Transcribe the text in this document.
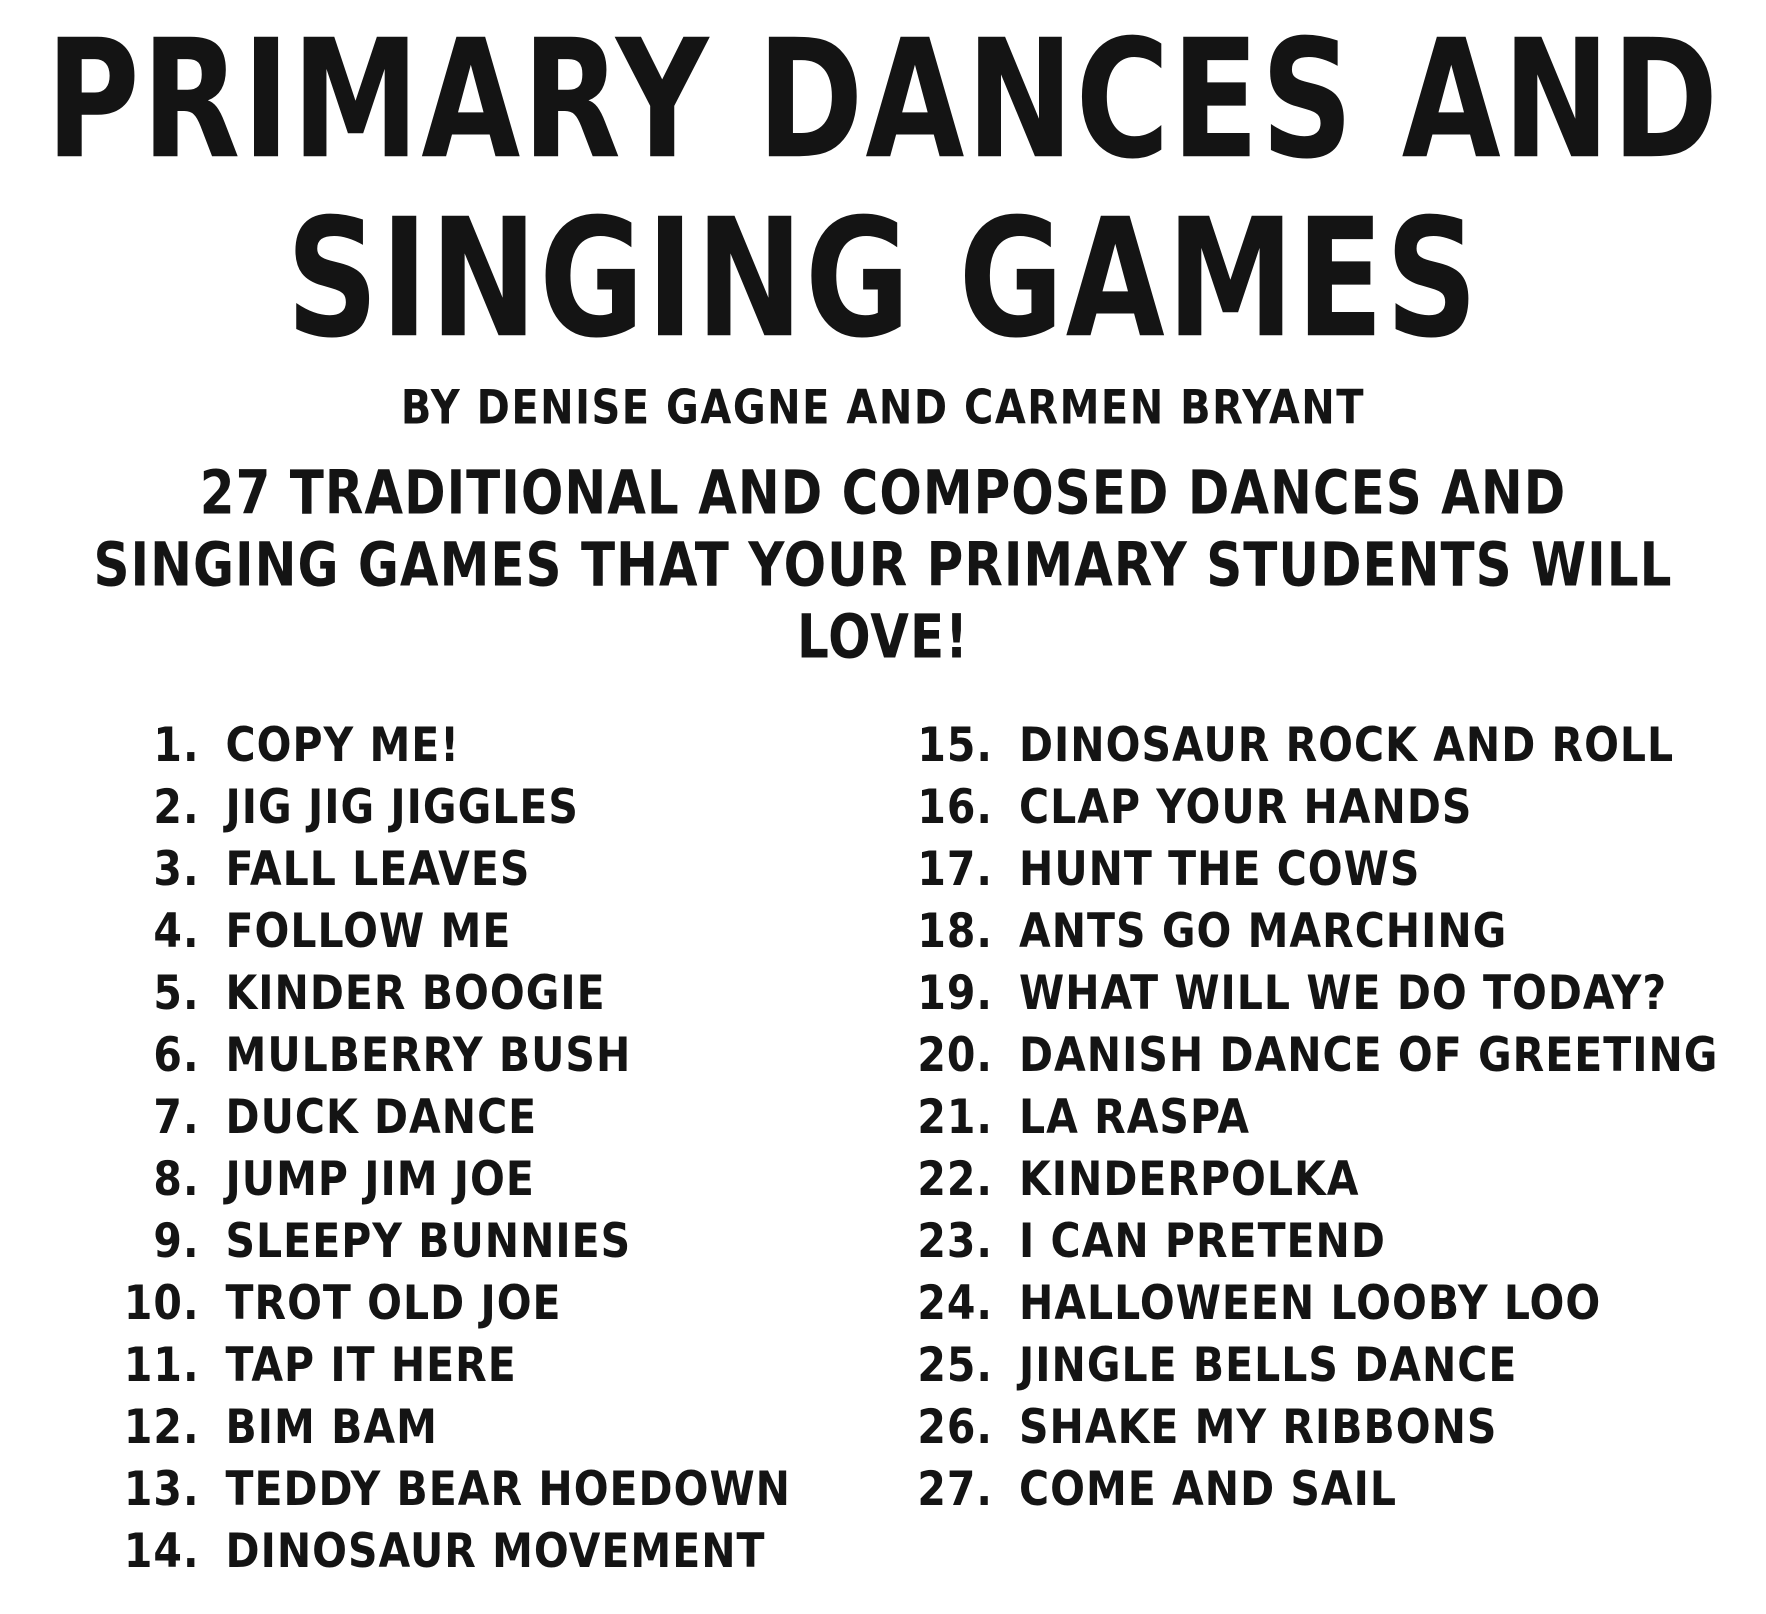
PRIMARY DANCES AND
SINGING GAMES
BY DENISE GAGNE AND CARMEN BRYANT
27 TRADITIONAL AND COMPOSED DANCES AND SINGING GAMES THAT YOUR PRIMARY STUDENTS WILL LOVE!
1. COPY ME!
2. JIG JIG JIGGLES
3. FALL LEAVES
4. FOLLOW ME
5. KINDER BOOGIE
6. MULBERRY BUSH
7. DUCK DANCE
8. JUMP JIM JOE
9. SLEEPY BUNNIES
10. TROT OLD JOE
11. TAP IT HERE
12. BIM BAM
13. TEDDY BEAR HOEDOWN
14. DINOSAUR MOVEMENT
15. DINOSAUR ROCK AND ROLL
16. CLAP YOUR HANDS
17. HUNT THE COWS
18. ANTS GO MARCHING
19. WHAT WILL WE DO TODAY?
20. DANISH DANCE OF GREETING
21. LA RASPA
22. KINDERPOLKA
23. I CAN PRETEND
24. HALLOWEEN LOOBY LOO
25. JINGLE BELLS DANCE
26. SHAKE MY RIBBONS
27. COME AND SAIL
